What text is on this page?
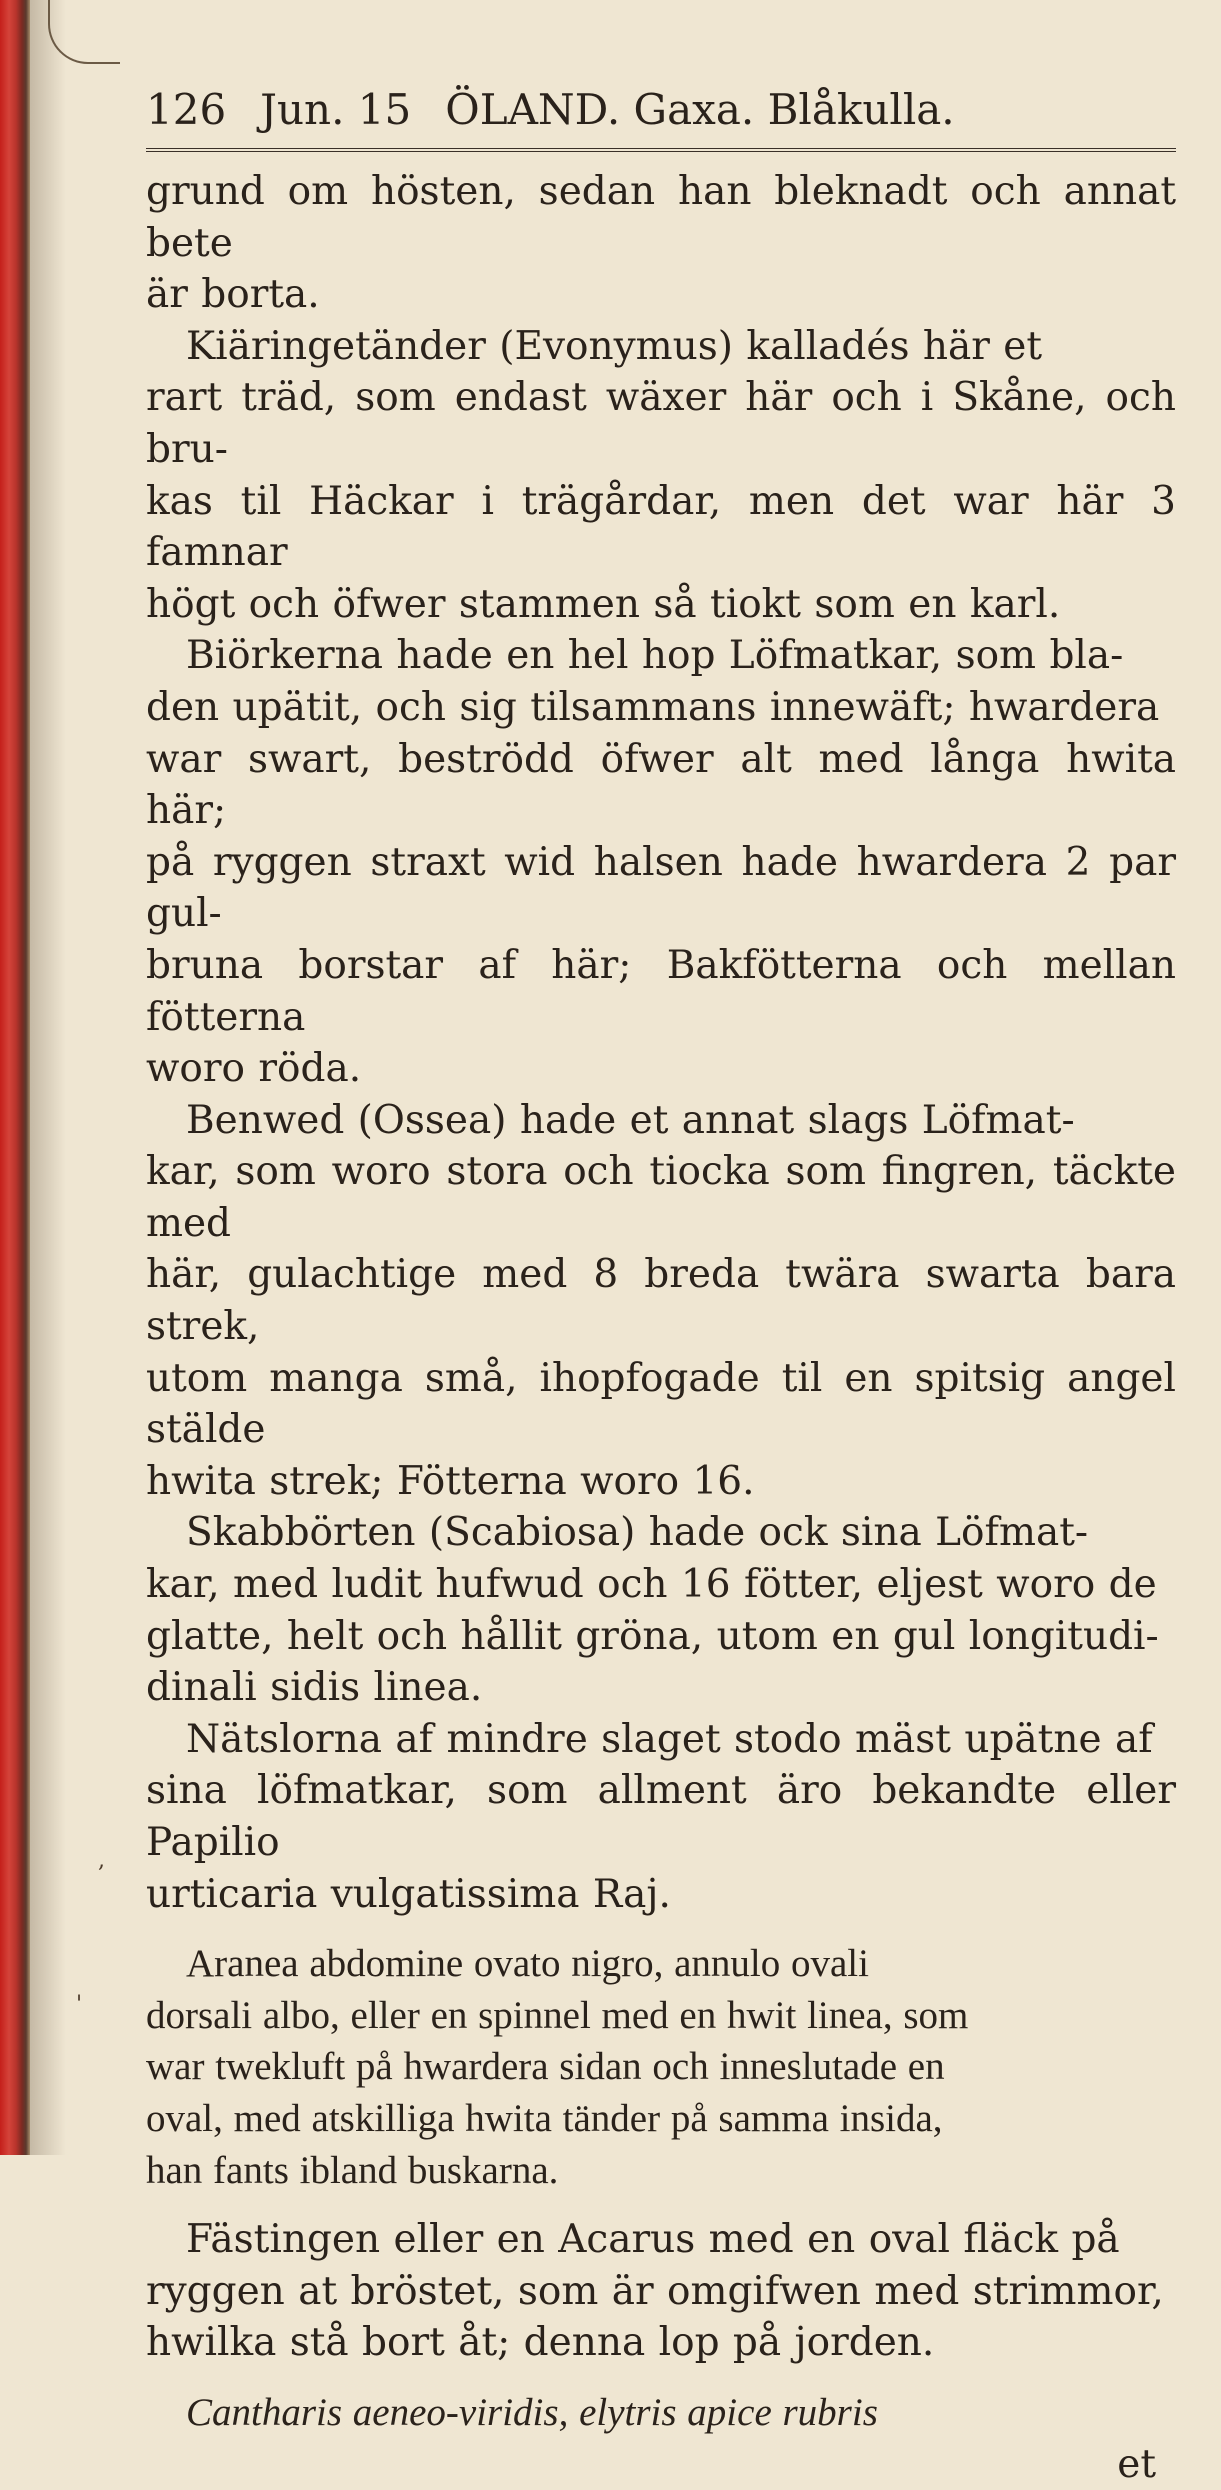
126 Jun. 15 ÖLAND. Gaxa. Blåkulla.

grund om hösten, sedan han bleknadt och annat bete
är borta.

Kiäringetänder (Evonymus) kalladés här et
rart träd, som endast wäxer här och i Skåne, och bru-
kas til Häckar i trägårdar, men det war här 3 famnar
högt och öfwer stammen så tiokt som en karl.

Biörkerna hade en hel hop Löfmatkar, som bla-
den upätit, och sig tilsammans innewäft; hwardera
war swart, beströdd öfwer alt med långa hwita här;
på ryggen straxt wid halsen hade hwardera 2 par gul-
bruna borstar af här; Bakfötterna och mellan fötterna
woro röda.

Benwed (Ossea) hade et annat slags Löfmat-
kar, som woro stora och tiocka som fingren, täckte med
här, gulachtige med 8 breda twära swarta bara strek,
utom manga små, ihopfogade til en spitsig angel stälde
hwita strek; Fötterna woro 16.

Skabbörten (Scabiosa) hade ock sina Löfmat-
kar, med ludit hufwud och 16 fötter, eljest woro de
glatte, helt och hållit gröna, utom en gul longitudi-
dinali sidis linea.

Nätslorna af mindre slaget stodo mäst upätne af
sina löfmatkar, som allment äro bekandte eller Papilio
urticaria vulgatissima Raj.

Aranea abdomine ovato nigro, annulo ovali
dorsali albo, eller en spinnel med en hwit linea, som
war twekluft på hwardera sidan och inneslutade en
oval, med atskilliga hwita tänder på samma insida,
han fants ibland buskarna.

Fästingen eller en Acarus med en oval fläck på
ryggen at bröstet, som är omgifwen med strimmor,
hwilka stå bort åt; denna lop på jorden.

Cantharis aeneo-viridis, elytris apice rubris

et
,
'
